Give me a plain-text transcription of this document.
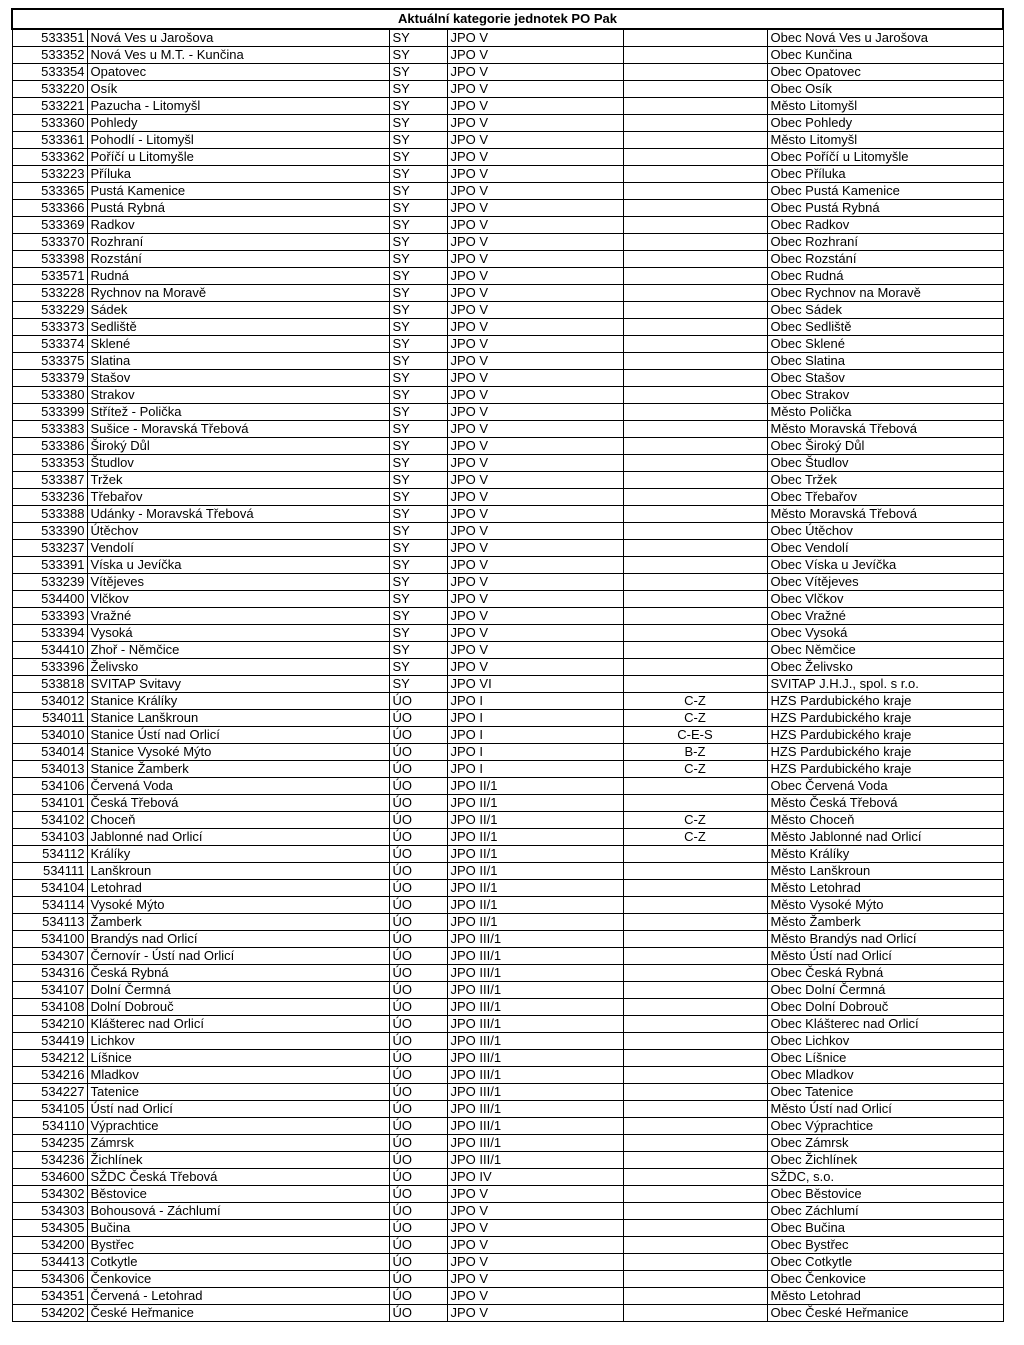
Aktuální kategorie jednotek PO Pak					
533351	Nová Ves u Jarošova	SY	JPO V		Obec Nová Ves u Jarošova
533352	Nová Ves u M.T. - Kunčina	SY	JPO V		Obec Kunčina
533354	Opatovec	SY	JPO V		Obec Opatovec
533220	Osík	SY	JPO V		Obec Osík
533221	Pazucha - Litomyšl	SY	JPO V		Město Litomyšl
533360	Pohledy	SY	JPO V		Obec Pohledy
533361	Pohodlí - Litomyšl	SY	JPO V		Město Litomyšl
533362	Poříčí u Litomyšle	SY	JPO V		Obec Poříčí u Litomyšle
533223	Příluka	SY	JPO V		Obec Příluka
533365	Pustá Kamenice	SY	JPO V		Obec Pustá Kamenice
533366	Pustá Rybná	SY	JPO V		Obec Pustá Rybná
533369	Radkov	SY	JPO V		Obec Radkov
533370	Rozhraní	SY	JPO V		Obec Rozhraní
533398	Rozstání	SY	JPO V		Obec Rozstání
533571	Rudná	SY	JPO V		Obec Rudná
533228	Rychnov na Moravě	SY	JPO V		Obec Rychnov na Moravě
533229	Sádek	SY	JPO V		Obec Sádek
533373	Sedliště	SY	JPO V		Obec Sedliště
533374	Sklené	SY	JPO V		Obec Sklené
533375	Slatina	SY	JPO V		Obec Slatina
533379	Stašov	SY	JPO V		Obec Stašov
533380	Strakov	SY	JPO V		Obec Strakov
533399	Střítež - Polička	SY	JPO V		Město Polička
533383	Sušice - Moravská Třebová	SY	JPO V		Město Moravská Třebová
533386	Široký Důl	SY	JPO V		Obec Široký Důl
533353	Študlov	SY	JPO V		Obec Študlov
533387	Tržek	SY	JPO V		Obec Tržek
533236	Třebařov	SY	JPO V		Obec Třebařov
533388	Udánky - Moravská Třebová	SY	JPO V		Město Moravská Třebová
533390	Útěchov	SY	JPO V		Obec Útěchov
533237	Vendolí	SY	JPO V		Obec Vendolí
533391	Víska u Jevíčka	SY	JPO V		Obec Víska u Jevíčka
533239	Vítějeves	SY	JPO V		Obec Vítějeves
534400	Vlčkov	SY	JPO V		Obec Vlčkov
533393	Vražné	SY	JPO V		Obec Vražné
533394	Vysoká	SY	JPO V		Obec Vysoká
534410	Zhoř - Němčice	SY	JPO V		Obec Němčice
533396	Želivsko	SY	JPO V		Obec Želivsko
533818	SVITAP Svitavy	SY	JPO VI		SVITAP J.H.J., spol. s r.o.
534012	Stanice Králíky	ÚO	JPO I	C-Z	HZS Pardubického kraje
534011	Stanice Lanškroun	ÚO	JPO I	C-Z	HZS Pardubického kraje
534010	Stanice Ústí nad Orlicí	ÚO	JPO I	C-E-S	HZS Pardubického kraje
534014	Stanice Vysoké Mýto	ÚO	JPO I	B-Z	HZS Pardubického kraje
534013	Stanice Žamberk	ÚO	JPO I	C-Z	HZS Pardubického kraje
534106	Červená Voda	ÚO	JPO II/1		Obec Červená Voda
534101	Česká Třebová	ÚO	JPO II/1		Město Česká Třebová
534102	Choceň	ÚO	JPO II/1	C-Z	Město Choceň
534103	Jablonné nad Orlicí	ÚO	JPO II/1	C-Z	Město Jablonné nad Orlicí
534112	Králíky	ÚO	JPO II/1		Město Králíky
534111	Lanškroun	ÚO	JPO II/1		Město Lanškroun
534104	Letohrad	ÚO	JPO II/1		Město Letohrad
534114	Vysoké Mýto	ÚO	JPO II/1		Město Vysoké Mýto
534113	Žamberk	ÚO	JPO II/1		Město Žamberk
534100	Brandýs nad Orlicí	ÚO	JPO III/1		Město Brandýs nad Orlicí
534307	Černovír - Ústí nad Orlicí	ÚO	JPO III/1		Město Ústí nad Orlicí
534316	Česká Rybná	ÚO	JPO III/1		Obec Česká Rybná
534107	Dolní Čermná	ÚO	JPO III/1		Obec Dolní Čermná
534108	Dolní Dobrouč	ÚO	JPO III/1		Obec Dolní Dobrouč
534210	Klášterec nad Orlicí	ÚO	JPO III/1		Obec Klášterec nad Orlicí
534419	Lichkov	ÚO	JPO III/1		Obec Lichkov
534212	Líšnice	ÚO	JPO III/1		Obec Líšnice
534216	Mladkov	ÚO	JPO III/1		Obec Mladkov
534227	Tatenice	ÚO	JPO III/1		Obec Tatenice
534105	Ústí nad Orlicí	ÚO	JPO III/1		Město Ústí nad Orlicí
534110	Výprachtice	ÚO	JPO III/1		Obec Výprachtice
534235	Zámrsk	ÚO	JPO III/1		Obec Zámrsk
534236	Žichlínek	ÚO	JPO III/1		Obec Žichlínek
534600	SŽDC Česká Třebová	ÚO	JPO IV		SŽDC, s.o.
534302	Běstovice	ÚO	JPO V		Obec Běstovice
534303	Bohousová - Záchlumí	ÚO	JPO V		Obec Záchlumí
534305	Bučina	ÚO	JPO V		Obec Bučina
534200	Bystřec	ÚO	JPO V		Obec Bystřec
534413	Cotkytle	ÚO	JPO V		Obec Cotkytle
534306	Čenkovice	ÚO	JPO V		Obec Čenkovice
534351	Červená - Letohrad	ÚO	JPO V		Město Letohrad
534202	České Heřmanice	ÚO	JPO V		Obec České Heřmanice
